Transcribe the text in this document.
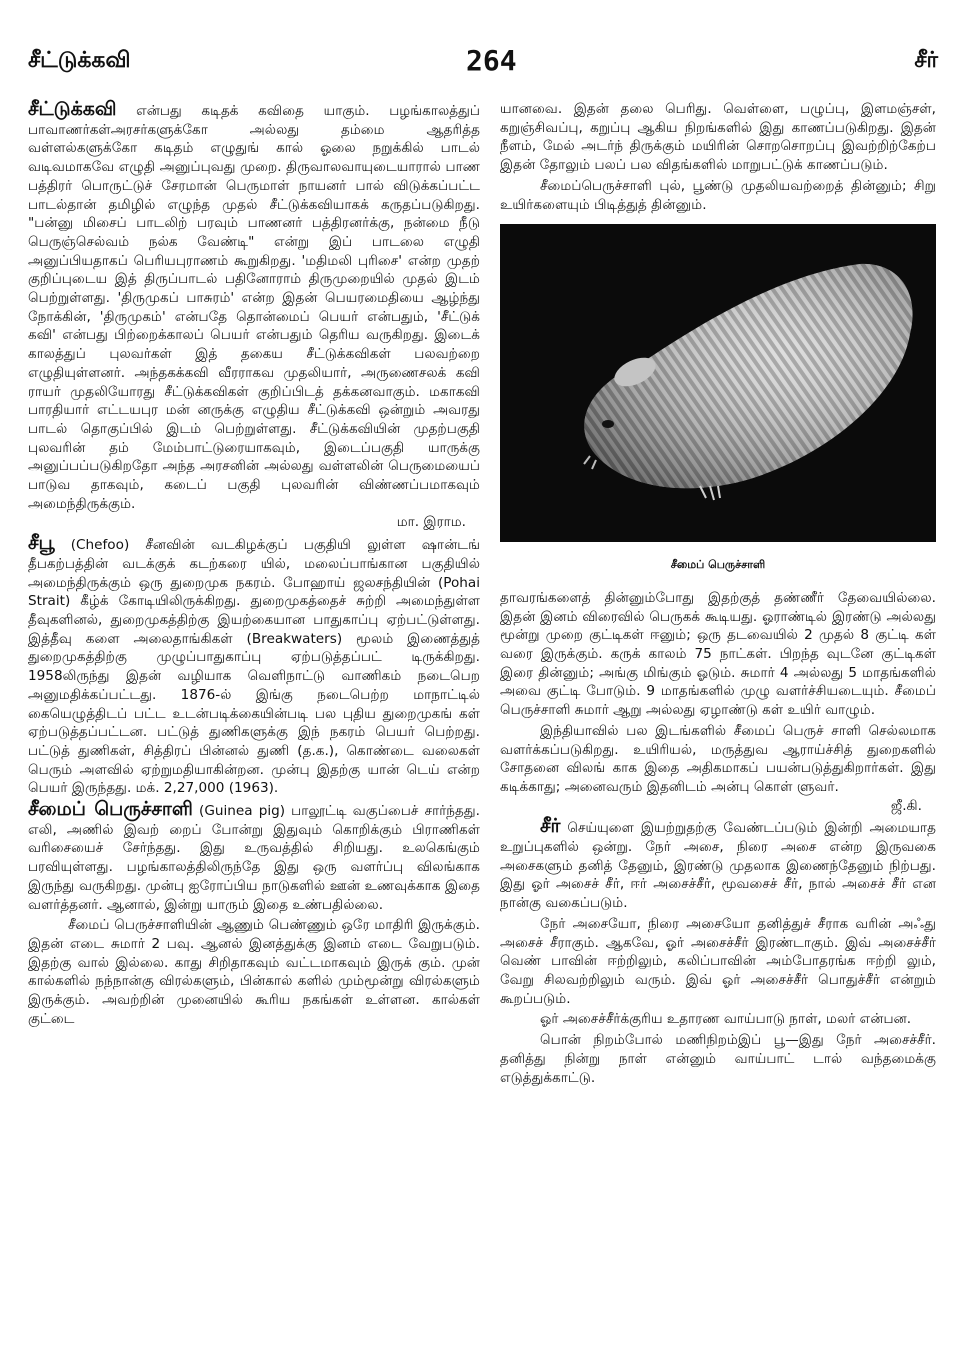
சீட்டுக்கவி	264	சீர்

சீட்டுக்கவி என்பது கடிதக் கவிதை யாகும். பழங்காலத்துப் பாவாணர்கள்அரசர்களுக்கோ அல்லது தம்மை ஆதரித்த வள்ளல்களுக்கோ கடிதம் எழுதுங் கால் ஓலை நறுக்கில் பாடல் வடிவமாகவே எழுதி அனுப்புவது முறை. திருவாலவாயுடையாரால் பாண பத்திரர் பொருட்டுச் சேரமான் பெருமாள் நாயனர் பால் விடுக்கப்பட்ட பாடல்தான் தமிழில் எழுந்த முதல் சீட்டுக்கவியாகக் கருதப்படுகிறது. "பன்னு மிசைப் பாடலிற் பரவும் பாணனர் பத்திரனர்க்கு, நன்மை நீடு பெருஞ்செல்வம் நல்க வேண்டி" என்று இப் பாடலை எழுதி அனுப்பியதாகப் பெரியபுராணம் கூறுகிறது. 'மதிமலி புரிசை' என்ற முதற் குறிப்புடைய இத் திருப்பாடல் பதினோராம் திருமுறையில் முதல் இடம் பெற்றுள்ளது. 'திருமுகப் பாசுரம்' என்ற இதன் பெயரமைதியை ஆழ்ந்து நோக்கின், 'திருமுகம்' என்பதே தொன்மைப் பெயர் என்பதும், 'சீட்டுக் கவி' என்பது பிற்றைக்காலப் பெயர் என்பதும் தெரிய வருகிறது. இடைக் காலத்துப் புலவர்கள் இத் தகைய சீட்டுக்கவிகள் பலவற்றை எழுதியுள்ளனர். அந்தகக்கவி வீரராகவ முதலியார், அருணைசலக் கவி ராயர் முதலியோரது சீட்டுக்கவிகள் குறிப்பிடத் தக்கனவாகும். மகாகவி பாரதியார் எட்டயபுர மன் னருக்கு எழுதிய சீட்டுக்கவி ஒன்றும் அவரது பாடல் தொகுப்பில் இடம் பெற்றுள்ளது. சீட்டுக்கவியின் முதற்பகுதி புலவரின் தம் மேம்பாட்டுரையாகவும், இடைப்பகுதி யாருக்கு அனுப்பப்படுகிறதோ அந்த அரசனின் அல்லது வள்ளலின் பெருமையைப் பாடுவ தாகவும், கடைப் பகுதி புலவரின் விண்ணப்பமாகவும் அமைந்திருக்கும்.
மா. இராம.

சீபூ (Chefoo) சீனவின் வடகிழக்குப் பகுதியி லுள்ள ஷான்டங் தீபகற்பத்தின் வடக்குக் கடற்கரை யில், மலைப்பாங்கான பகுதியில் அமைந்திருக்கும் ஒரு துறைமுக நகரம். போஹாய் ஜலசந்தியின் (Pohai Strait) கீழ்க் கோடியிலிருக்கிறது. துறைமுகத்தைச் சுற்றி அமைந்துள்ள தீவுகளினல், துறைமுகத்திற்கு இயற்கையான பாதுகாப்பு ஏற்பட்டுள்ளது. இத்தீவு களை அலைதாங்கிகள் (Breakwaters) மூலம் இணைத்துத் துறைமுகத்திற்கு முழுப்பாதுகாப்பு ஏற்படுத்தப்பட் டிருக்கிறது. 1958லிருந்து இதன் வழியாக வெளிநாட்டு வாணிகம் நடைபெற அனுமதிக்கப்பட்டது. 1876-ல் இங்கு நடைபெற்ற மாநாட்டில் கையெழுத்திடப் பட்ட உடன்படிக்கையின்படி பல புதிய துறைமுகங் கள் ஏற்படுத்தப்பட்டன. பட்டுத் துணிகளுக்கு இந் நகரம் பெயர் பெற்றது. பட்டுத் துணிகள், சித்திரப் பின்னல் துணி (த.க.), கொண்டை வலைகள் பெரும் அளவில் ஏற்றுமதியாகின்றன. முன்பு இதற்கு யான் டெய் என்ற பெயர் இருந்தது. மக். 2,27,000 (1963).

சீமைப் பெருச்சாளி (Guinea pig) பாலூட்டி வகுப்பைச் சார்ந்தது. எலி, அணில் இவற் றைப் போன்று இதுவும் கொறிக்கும் பிராணிகள் வரிசையைச் சேர்ந்தது. இது உருவத்தில் சிறியது. உலகெங்கும் பரவியுள்ளது. பழங்காலத்திலிருந்தே இது ஒரு வளர்ப்பு விலங்காக இருந்து வருகிறது. முன்பு ஐரோப்பிய நாடுகளில் ஊன் உணவுக்காக இதை வளர்த்தனர். ஆனால், இன்று யாரும் இதை உண்பதில்லை.

சீமைப் பெருச்சாளியின் ஆணும் பெண்ணும் ஒரே மாதிரி இருக்கும். இதன் எடை சுமார் 2 பவு. ஆனல் இனத்துக்கு இனம் எடை வேறுபடும். இதற்கு வால் இல்லை. காது சிறிதாகவும் வட்டமாகவும் இருக் கும். முன் கால்களில் நந்நான்கு விரல்களும், பின்கால் களில் மும்மூன்று விரல்களும் இருக்கும். அவற்றின் முனையில் கூரிய நகங்கள் உள்ளன. கால்கள் குட்டை

யானவை. இதன் தலை பெரிது. வெள்ளை, பழுப்பு, இளமஞ்சள், கறுஞ்சிவப்பு, கறுப்பு ஆகிய நிறங்களில் இது காணப்படுகிறது. இதன் நீளம், மேல் அடர்ந் திருக்கும் மயிரின் சொறசொறப்பு இவற்றிற்கேற்ப இதன் தோலும் பலப் பல விதங்களில் மாறுபட்டுக் காணப்படும்.

சீமைப்பெருச்சாளி புல், பூண்டு முதலியவற்றைத் தின்னும்; சிறு உயிர்களையும் பிடித்துத் தின்னும்.

சீமைப் பெருச்சாளி

தாவரங்களைத் தின்னும்போது இதற்குத் தண்ணீர் தேவையில்லை. இதன் இனம் விரைவில் பெருகக் கூடியது. ஓராண்டில் இரண்டு அல்லது மூன்று முறை குட்டிகள் ஈனும்; ஒரு தடவையில் 2 முதல் 8 குட்டி கள் வரை இருக்கும். கருக் காலம் 75 நாட்கள். பிறந்த வுடனே குட்டிகள் இரை தின்னும்; அங்கு மிங்கும் ஓடும். சுமார் 4 அல்லது 5 மாதங்களில் அவை குட்டி போடும். 9 மாதங்களில் முழு வளர்ச்சியடையும். சீமைப் பெருச்சாளி சுமார் ஆறு அல்லது ஏழாண்டு கள் உயிர் வாழும்.

இந்தியாவில் பல இடங்களில் சீமைப் பெருச் சாளி செல்லமாக வளர்க்கப்படுகிறது. உயிரியல், மருத்துவ ஆராய்ச்சித் துறைகளில் சோதனை விலங் காக இதை அதிகமாகப் பயன்படுத்துகிறார்கள். இது கடிக்காது; அனைவரும் இதனிடம் அன்பு கொள் ளுவர்.
ஜீ.கி.

சீர் செய்யுளை இயற்றுதற்கு வேண்டப்படும் இன்றி அமையாத உறுப்புகளில் ஒன்று. நேர் அசை, நிரை அசை என்ற இருவகை அசைகளும் தனித் தேனும், இரண்டு முதலாக இணைந்தேனும் நிற்பது. இது ஓர் அசைச் சீர், ஈர் அசைச்சீர், மூவசைச் சீர், நால் அசைச் சீர் என நான்கு வகைப்படும்.

நேர் அசையோ, நிரை அசையோ தனித்துச் சீராக வரின் அஃது அசைச் சீராகும். ஆகவே, ஓர் அசைச்சீர் இரண்டாகும். இவ் அசைச்சீர் வெண் பாவின் ஈற்றிலும், கலிப்பாவின் அம்போதரங்க ஈற்றி லும், வேறு சிலவற்றிலும் வரும். இவ் ஓர் அசைச்சீர் பொதுச்சீர் என்றும் கூறப்படும்.

ஓர் அசைச்சீர்க்குரிய உதாரண வாய்பாடு நாள், மலர் என்பன.

பொன் நிறம்போல் மணிநிறம்இப் பூ—இது நேர் அசைச்சீர். தனித்து நின்று நாள் என்னும் வாய்பாட் டால் வந்தமைக்கு எடுத்துக்காட்டு.
